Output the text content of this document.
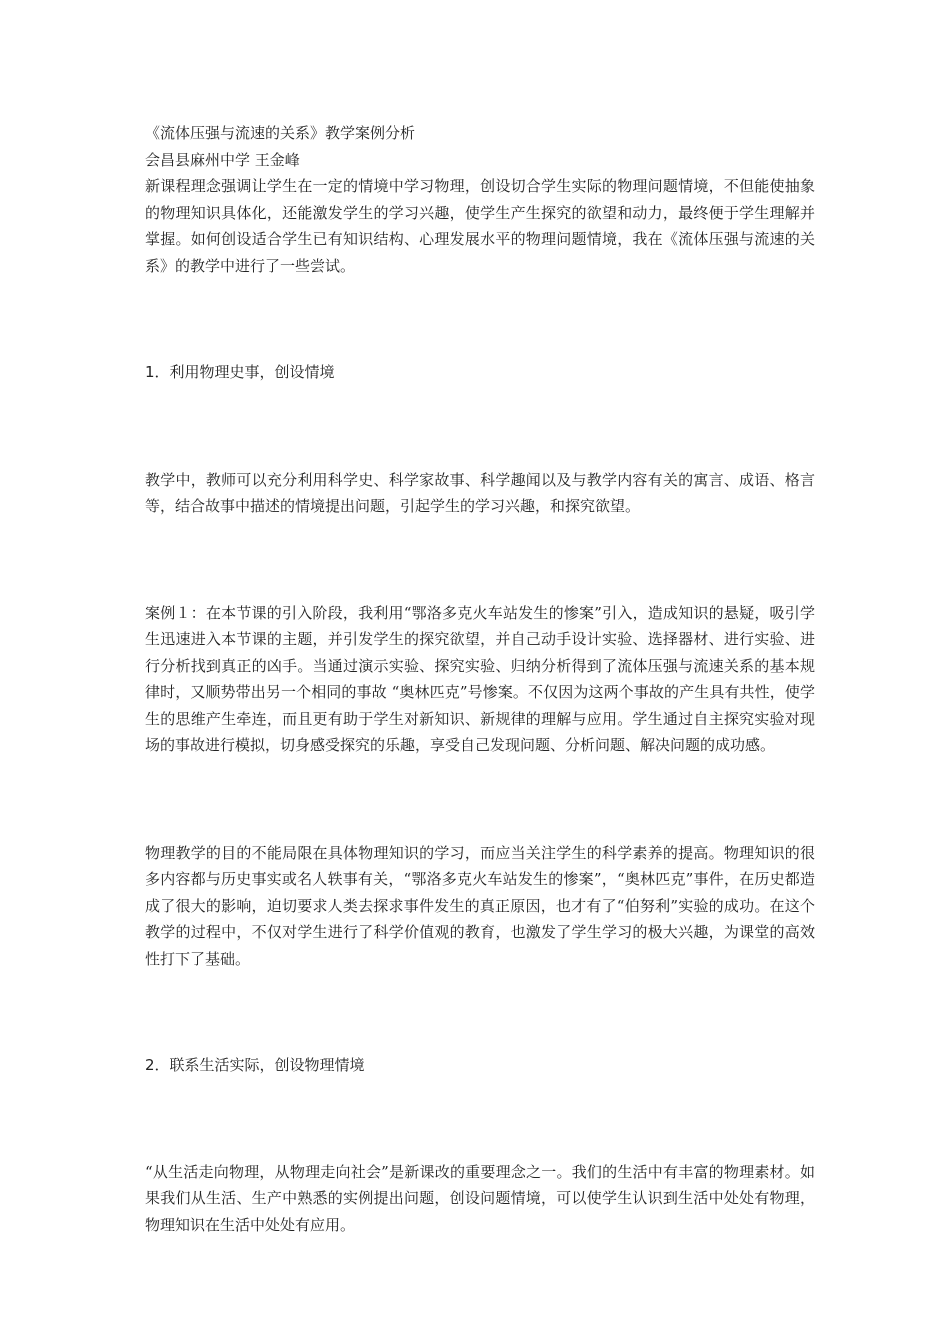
《流体压强与流速的关系》教学案例分析

会昌县麻州中学 王金峰

新课程理念强调让学生在一定的情境中学习物理，创设切合学生实际的物理问题情境，不但能使抽象的物理知识具体化，还能激发学生的学习兴趣，使学生产生探究的欲望和动力，最终便于学生理解并掌握。如何创设适合学生已有知识结构、心理发展水平的物理问题情境，我在《流体压强与流速的关系》的教学中进行了一些尝试。

1．利用物理史事，创设情境

教学中，教师可以充分利用科学史、科学家故事、科学趣闻以及与教学内容有关的寓言、成语、格言等，结合故事中描述的情境提出问题，引起学生的学习兴趣，和探究欲望。

案例１：在本节课的引入阶段，我利用“鄂洛多克火车站发生的惨案”引入，造成知识的悬疑，吸引学生迅速进入本节课的主题，并引发学生的探究欲望，并自己动手设计实验、选择器材、进行实验、进行分析找到真正的凶手。当通过演示实验、探究实验、归纳分析得到了流体压强与流速关系的基本规律时，又顺势带出另一个相同的事故 “奥林匹克”号惨案。不仅因为这两个事故的产生具有共性，使学生的思维产生牵连，而且更有助于学生对新知识、新规律的理解与应用。学生通过自主探究实验对现场的事故进行模拟，切身感受探究的乐趣，享受自己发现问题、分析问题、解决问题的成功感。

物理教学的目的不能局限在具体物理知识的学习，而应当关注学生的科学素养的提高。物理知识的很多内容都与历史事实或名人轶事有关，“鄂洛多克火车站发生的惨案”，“奥林匹克”事件，在历史都造成了很大的影响，迫切要求人类去探求事件发生的真正原因，也才有了“伯努利”实验的成功。在这个教学的过程中，不仅对学生进行了科学价值观的教育，也激发了学生学习的极大兴趣，为课堂的高效性打下了基础。

2．联系生活实际，创设物理情境

“从生活走向物理，从物理走向社会”是新课改的重要理念之一。我们的生活中有丰富的物理素材。如果我们从生活、生产中熟悉的实例提出问题，创设问题情境，可以使学生认识到生活中处处有物理，物理知识在生活中处处有应用。
